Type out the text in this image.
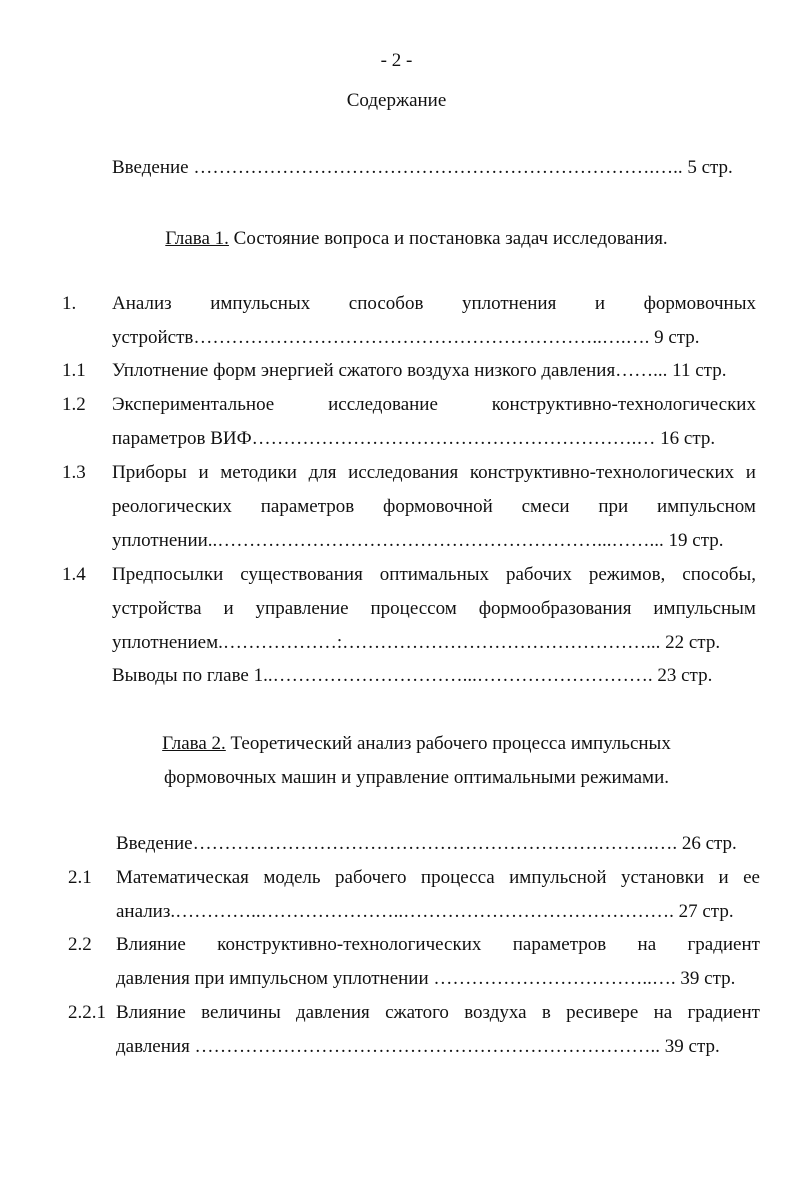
- 2 -
Содержание
Введение ……………………………………………………………….….. 5 стр.
Глава 1. Состояние вопроса и постановка задач исследования.
1. Анализ импульсных способов уплотнения и формовочных
устройств………………………………………………………..….…. 9 стр.
1.1 Уплотнение форм энергией сжатого воздуха низкого давления……... 11 стр.
1.2 Экспериментальное	исследование	конструктивно-технологических
параметров ВИФ…………………………………………………….… 16 стр.
1.3 Приборы и методики для исследования конструктивно-технологических и
реологических параметров формовочной смеси при импульсном
уплотнении..……………………………………………………...……... 19 стр.
1.4 Предпосылки существования оптимальных рабочих режимов, способы,
устройства и управление процессом формообразования импульсным
уплотнением.………………:…………………………………………... 22 стр.
Выводы по главе 1..…………………………...………………………. 23 стр.
Глава 2. Теоретический анализ рабочего процесса импульсных
формовочных машин и управление оптимальными режимами.
Введение……………………………………………………………….…. 26 стр.
2.1 Математическая модель рабочего процесса импульсной установки и ее
анализ.…………..…………………..……………………………………. 27 стр.
2.2 Влияние конструктивно-технологических параметров на градиент
давления при импульсном уплотнении ……………………………..…. 39 стр.
2.2.1 Влияние величины давления сжатого воздуха в ресивере на градиент
давления ……………………………………………………………….. 39 стр.
